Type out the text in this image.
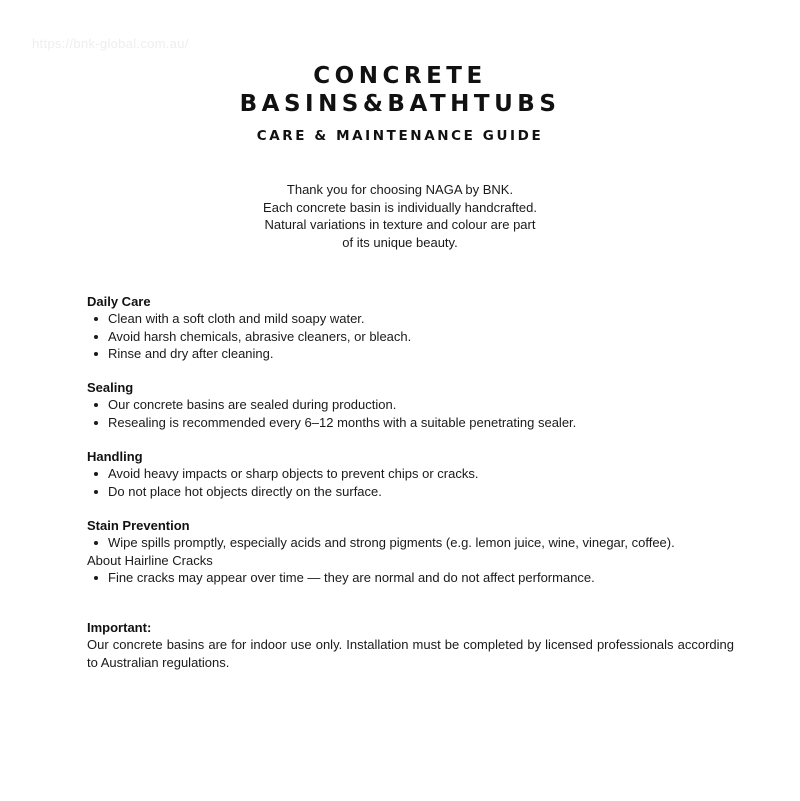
https://bnk-global.com.au/
CONCRETE
BASINS&BATHTUBS
CARE & MAINTENANCE GUIDE
Thank you for choosing NAGA by BNK.
Each concrete basin is individually handcrafted.
Natural variations in texture and colour are part
of its unique beauty.
Daily Care
Clean with a soft cloth and mild soapy water.
Avoid harsh chemicals, abrasive cleaners, or bleach.
Rinse and dry after cleaning.
Sealing
Our concrete basins are sealed during production.
Resealing is recommended every 6–12 months with a suitable penetrating sealer.
Handling
Avoid heavy impacts or sharp objects to prevent chips or cracks.
Do not place hot objects directly on the surface.
Stain Prevention
Wipe spills promptly, especially acids and strong pigments (e.g. lemon juice, wine, vinegar, coffee).
About Hairline Cracks
Fine cracks may appear over time — they are normal and do not affect performance.
Important:
Our concrete basins are for indoor use only. Installation must be completed by licensed professionals according to Australian regulations.
